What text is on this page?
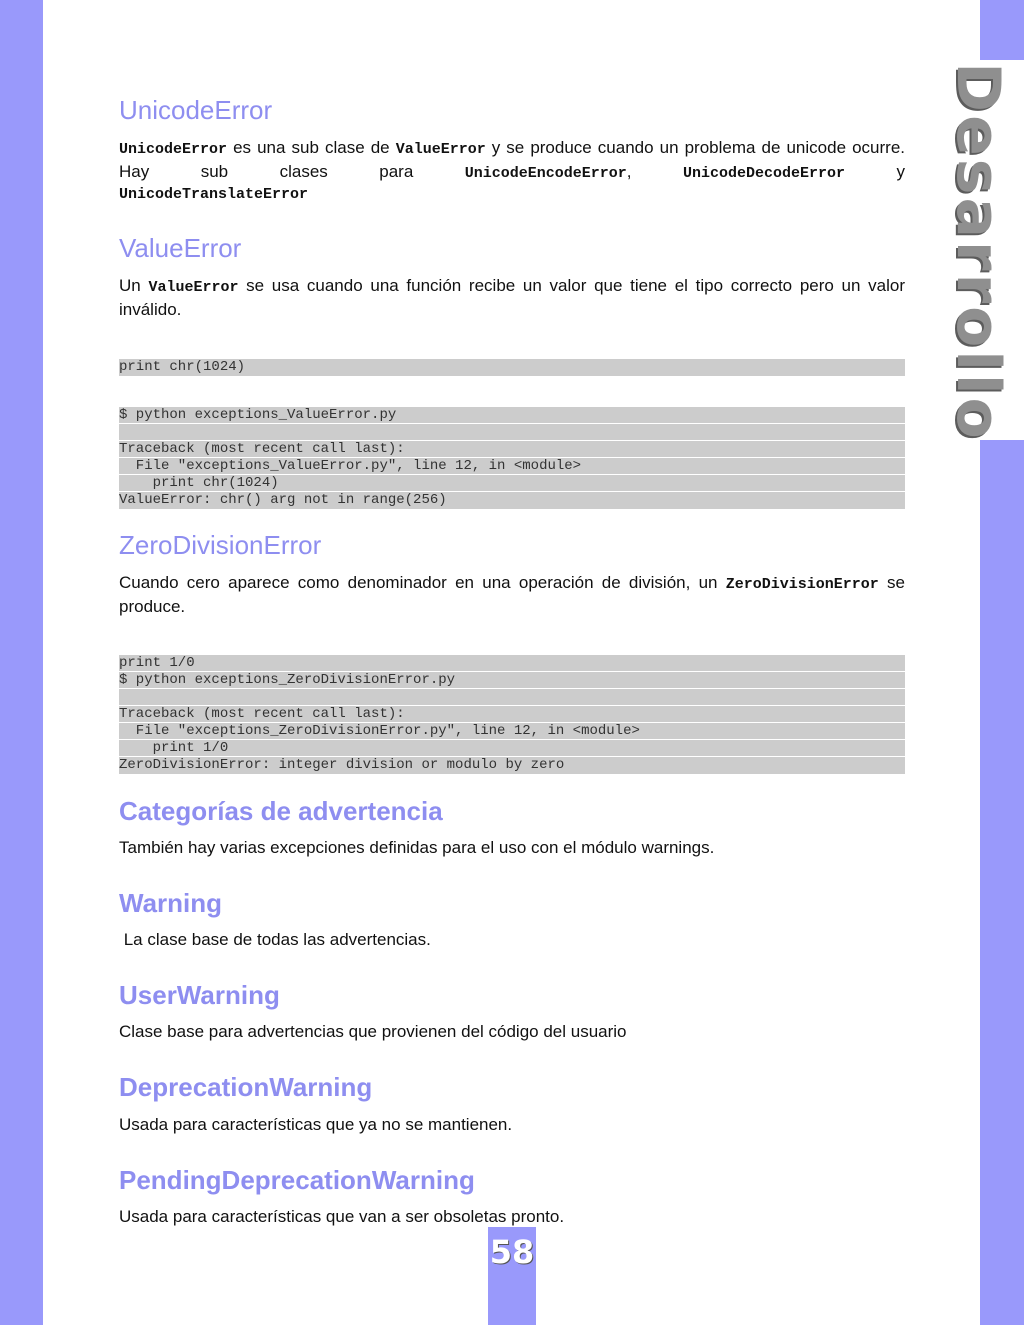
Desarrollo
UnicodeError

UnicodeError es una sub clase de ValueError y se produce cuando un problema de unicode ocurre. Hay sub clases para UnicodeEncodeError, UnicodeDecodeError y

UnicodeTranslateError

ValueError

Un ValueError se usa cuando una función recibe un valor que tiene el tipo correcto pero un valor inválido.

print chr(1024)
$ python exceptions_ValueError.py
Traceback (most recent call last):
File "exceptions_ValueError.py", line 12, in <module>
print chr(1024)
ValueError: chr() arg not in range(256)
ZeroDivisionError

Cuando cero aparece como denominador en una operación de división, un ZeroDivisionError se produce.

print 1/0
$ python exceptions_ZeroDivisionError.py
Traceback (most recent call last):
File "exceptions_ZeroDivisionError.py", line 12, in <module>
print 1/0
ZeroDivisionError: integer division or modulo by zero
Categorías de advertencia

También hay varias excepciones definidas para el uso con el módulo warnings.

Warning

La clase base de todas las advertencias.

UserWarning

Clase base para advertencias que provienen del código del usuario

DeprecationWarning

Usada para características que ya no se mantienen.

PendingDeprecationWarning

Usada para características que van a ser obsoletas pronto.

58
